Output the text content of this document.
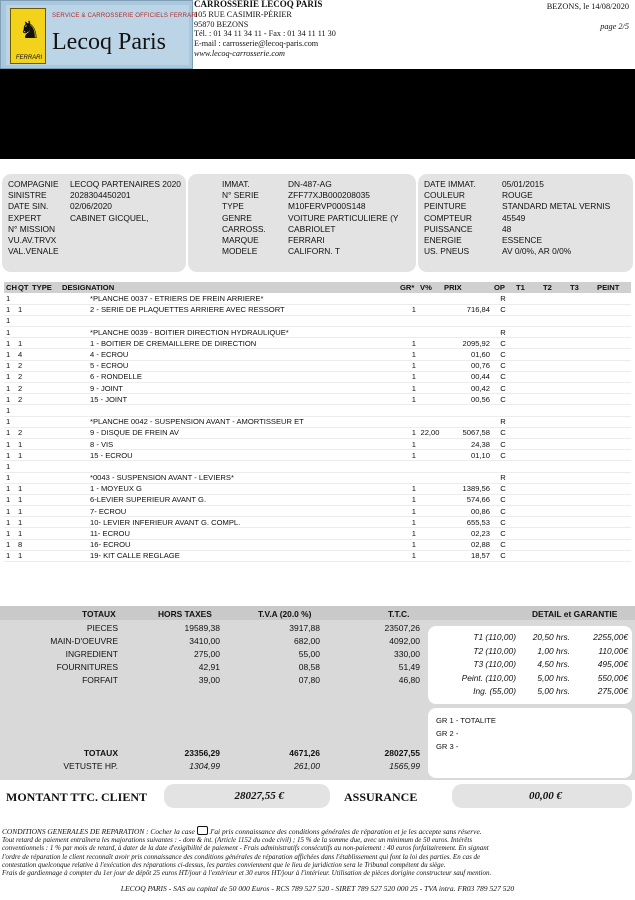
♞
FERRARI
SERVICE & CARROSSERIE OFFICIELS FERRARI
Lecoq Paris
CARROSSERIE LECOQ PARIS
105 RUE CASIMIR-PÉRIER
95870 BEZONS
Tél. : 01 34 11 34 11 - Fax : 01 34 11 11 30
E-mail : carrosserie@lecoq-paris.com
www.lecoq-carrosserie.com
BEZONS, le 14/08/2020
page 2/5
COMPAGNIE	LECOQ PARTENAIRES 2020
SINISTRE	2028304450201
DATE SIN.	02/06/2020
EXPERT	CABINET GICQUEL,
N° MISSION
VU.AV.TRVX
VAL.VENALE
IMMAT.	DN-487-AG
N° SERIE	ZFF77XJB000208035
TYPE	M10FERVP000S148
GENRE	VOITURE PARTICULIERE (Y
CARROSS.	CABRIOLET
MARQUE	FERRARI
MODELE	CALIFORN. T
DATE IMMAT.	05/01/2015
COULEUR	ROUGE
PEINTURE	STANDARD METAL VERNIS
COMPTEUR	45549
PUISSANCE	48
ENERGIE	ESSENCE
US. PNEUS	AV 0/0%, AR 0/0%
CH	QT	TYPE	DESIGNATION	GR*	V%	PRIX	OP	T1	T2	T3	PEINT
1			*PLANCHE 0037 - ETRIERS DE FREIN ARRIERE*				R				
1	1		2 - SERIE DE PLAQUETTES ARRIERE AVEC RESSORT	1		716,84	C				
1											
1			*PLANCHE 0039 - BOITIER DIRECTION HYDRAULIQUE*				R				
1	1		1 - BOITIER DE CREMAILLERE DE DIRECTION	1		2095,92	C				
1	4		4 - ECROU	1		01,60	C				
1	2		5 - ECROU	1		00,76	C				
1	2		6 - RONDELLE	1		00,44	C				
1	2		9 - JOINT	1		00,42	C				
1	2		15 - JOINT	1		00,56	C				
1											
1			*PLANCHE 0042 - SUSPENSION AVANT - AMORTISSEUR ET				R				
1	2		9 - DISQUE DE FREIN AV	1	22,00	5067,58	C				
1	1		8 - VIS	1		24,38	C				
1	1		15 - ECROU	1		01,10	C				
1											
1			*0043 - SUSPENSION AVANT - LEVIERS*				R				
1	1		1 - MOYEUX G	1		1389,56	C				
1	1		6-LEVIER SUPERIEUR AVANT G.	1		574,66	C				
1	1		7- ECROU	1		00,86	C				
1	1		10- LEVIER INFERIEUR AVANT G. COMPL.	1		655,53	C				
1	1		11- ECROU	1		02,23	C				
1	8		16- ECROU	1		02,88	C				
1	1		19- KIT CALLE REGLAGE	1		18,57	C				
TOTAUX	HORS TAXES	T.V.A (20.0 %)	T.T.C.	DETAIL et GARANTIE
PIECES	19589,38	3917,88	23507,26
MAIN-D'OEUVRE	3410,00	682,00	4092,00
INGREDIENT	275,00	55,00	330,00
FOURNITURES	42,91	08,58	51,49
FORFAIT	39,00	07,80	46,80
TOTAUX	23356,29	4671,26	28027,55
VETUSTE HP.	1304,99	261,00	1565,99
T1 (110,00)	20,50 hrs.	2255,00€
T2 (110,00)	1,00 hrs.	110,00€
T3 (110,00)	4,50 hrs.	495,00€
Peint. (110,00)	5,00 hrs.	550,00€
Ing. (55,00)	5,00 hrs.	275,00€
GR 1 - TOTALITE
GR 2 -
GR 3 -
MONTANT TTC. CLIENT	28027,55 €	ASSURANCE	00,00 €
CONDITIONS GENERALES DE REPARATION : Cocher la case J'ai pris connaissance des conditions générales de réparation et je les accepte sans réserve.
Tout retard de paiement entraînera les majorations suivantes : - dom & int. (Article 1152 du code civil) ; 15 % de la somme due, avec un minimum de 50 euros. Intérêts
conventionnels : 1 % par mois de retard, à dater de la date d'exigibilité de paiement - Frais administratifs consécutifs au non-paiement : 40 euros forfaitairement. En signant
l'ordre de réparation le client reconnaît avoir pris connaissance des conditions générales de réparation affichées dans l'établissement qui font la loi des parties. En cas de
contestation quelconque relative à l'exécution des réparations ci-dessus, les parties conviennent que le lieu de juridiction sera le Tribunal compétent du siège.
Frais de gardiennage à compter du 1er jour de dépôt 25 euros HT/jour à l'extérieur et 30 euros HT/jour à l'intérieur. Utilisation de pièces dorigine constructeur sauf mention.
LECOQ PARIS - SAS au capital de 50 000 Euros - RCS 789 527 520 - SIRET 789 527 520 000 25 - TVA intra. FR03 789 527 520
